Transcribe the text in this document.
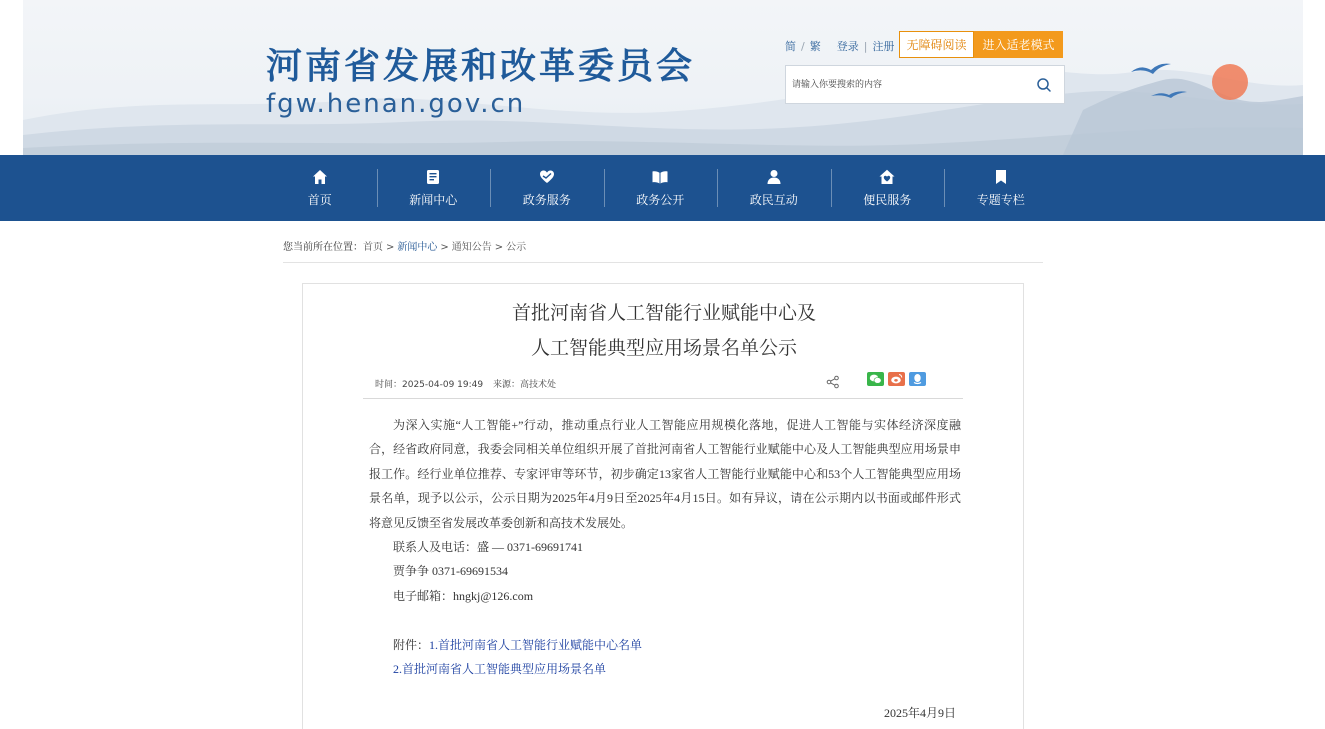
河南省发展和改革委员会
fgw.henan.gov.cn
简 / 繁 登录 | 注册	无障碍阅读	进入适老模式
请输入你要搜索的内容
首页	新闻中心	政务服务	政务公开	政民互动	便民服务	专题专栏
您当前所在位置：首页 > 新闻中心 > 通知公告 > 公示
首批河南省人工智能行业赋能中心及
人工智能典型应用场景名单公示
时间：2025-04-09 19:49 来源：高技术处

为深入实施“人工智能+”行动，推动重点行业人工智能应用规模化落地，促进人工智能与实体经济深度融合，经省政府同意，我委会同相关单位组织开展了首批河南省人工智能行业赋能中心及人工智能典型应用场景申报工作。经行业单位推荐、专家评审等环节，初步确定13家省人工智能行业赋能中心和53个人工智能典型应用场景名单，现予以公示，公示日期为2025年4月9日至2025年4月15日。如有异议，请在公示期内以书面或邮件形式将意见反馈至省发展改革委创新和高技术发展处。

联系人及电话：盛 — 0371-69691741

贾争争 0371-69691534

电子邮箱：hngkj@126.com

附件：1.首批河南省人工智能行业赋能中心名单

2.首批河南省人工智能典型应用场景名单

2025年4月9日
